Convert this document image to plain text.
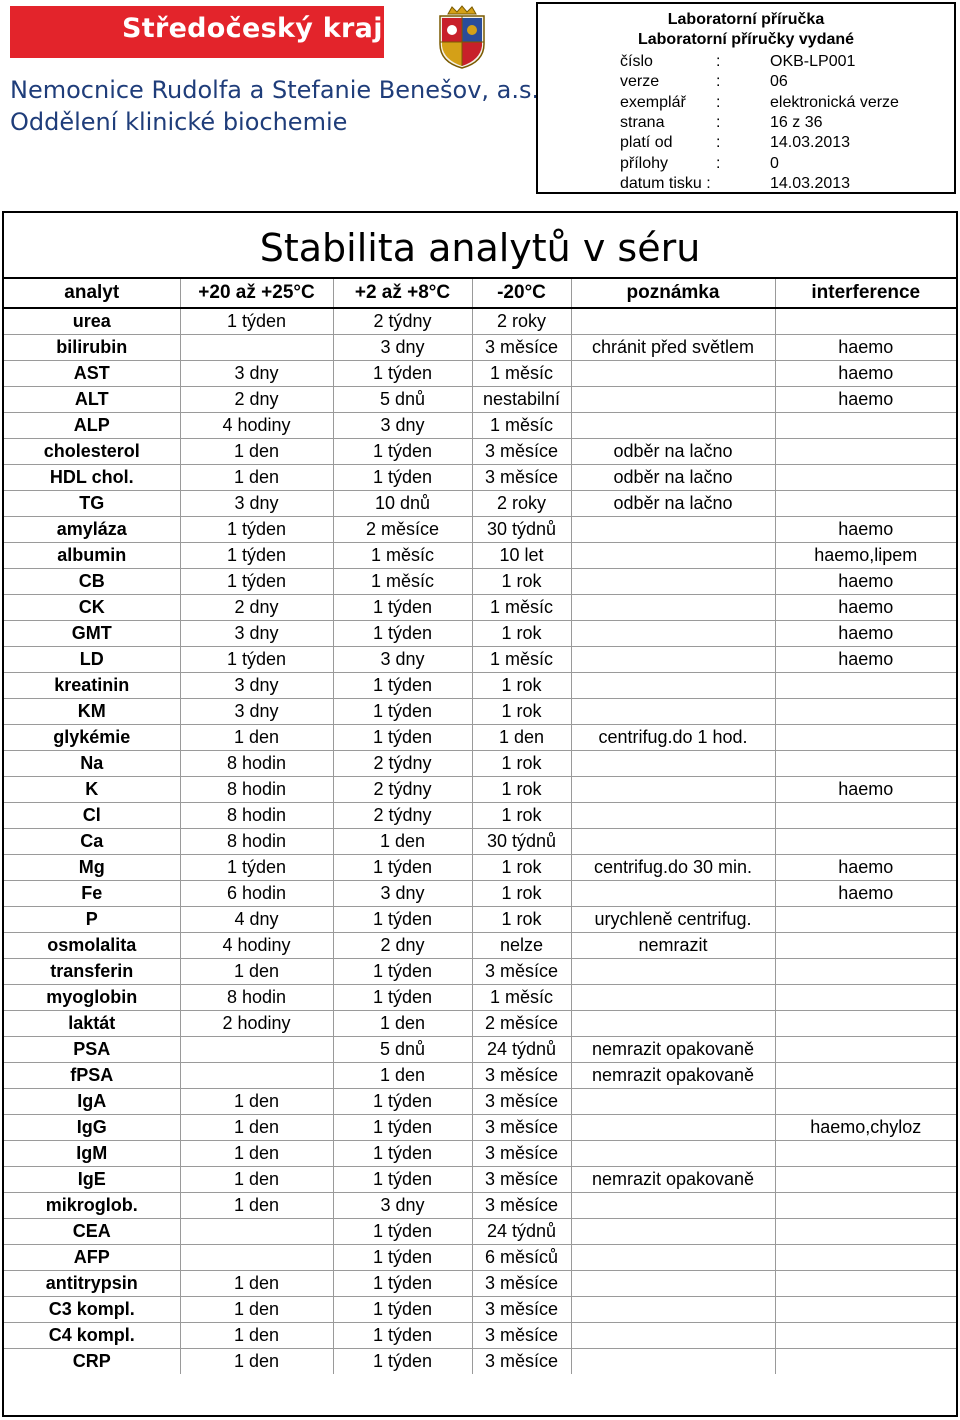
Středočeský kraj
Nemocnice Rudolfa a Stefanie Benešov, a.s.
Oddělení klinické biochemie
Laboratorní příručka
Laboratorní příručky vydané
číslo	:	OKB-LP001
verze	:	06
exemplář :	elektronická verze
strana	:	16 z 36
platí od	:	14.03.2013
přílohy	:	0
datum tisku :	14.03.2013
Stabilita analytů v séru
analyt	+20 až +25°C	+2 až +8°C	-20°C	poznámka	interference
urea	1 týden	2 týdny	2 roky		
bilirubin		3 dny	3 měsíce	chránit před světlem	haemo
AST	3 dny	1 týden	1 měsíc		haemo
ALT	2 dny	5 dnů	nestabilní		haemo
ALP	4 hodiny	3 dny	1 měsíc		
cholesterol	1 den	1 týden	3 měsíce	odběr na lačno	
HDL chol.	1 den	1 týden	3 měsíce	odběr na lačno	
TG	3 dny	10 dnů	2 roky	odběr na lačno	
amyláza	1 týden	2 měsíce	30 týdnů		haemo
albumin	1 týden	1 měsíc	10 let		haemo,lipem
CB	1 týden	1 měsíc	1 rok		haemo
CK	2 dny	1 týden	1 měsíc		haemo
GMT	3 dny	1 týden	1 rok		haemo
LD	1 týden	3 dny	1 měsíc		haemo
kreatinin	3 dny	1 týden	1 rok		
KM	3 dny	1 týden	1 rok		
glykémie	1 den	1 týden	1 den	centrifug.do 1 hod.	
Na	8 hodin	2 týdny	1 rok		
K	8 hodin	2 týdny	1 rok		haemo
Cl	8 hodin	2 týdny	1 rok		
Ca	8 hodin	1 den	30 týdnů		
Mg	1 týden	1 týden	1 rok	centrifug.do 30 min.	haemo
Fe	6 hodin	3 dny	1 rok		haemo
P	4 dny	1 týden	1 rok	urychleně centrifug.	
osmolalita	4 hodiny	2 dny	nelze	nemrazit	
transferin	1 den	1 týden	3 měsíce		
myoglobin	8 hodin	1 týden	1 měsíc		
laktát	2 hodiny	1 den	2 měsíce		
PSA		5 dnů	24 týdnů	nemrazit opakovaně	
fPSA		1 den	3 měsíce	nemrazit opakovaně	
IgA	1 den	1 týden	3 měsíce		
IgG	1 den	1 týden	3 měsíce		haemo,chyloz
IgM	1 den	1 týden	3 měsíce		
IgE	1 den	1 týden	3 měsíce	nemrazit opakovaně	
mikroglob.	1 den	3 dny	3 měsíce		
CEA		1 týden	24 týdnů		
AFP		1 týden	6 měsíců		
antitrypsin	1 den	1 týden	3 měsíce		
C3 kompl.	1 den	1 týden	3 měsíce		
C4 kompl.	1 den	1 týden	3 měsíce		
CRP	1 den	1 týden	3 měsíce		
